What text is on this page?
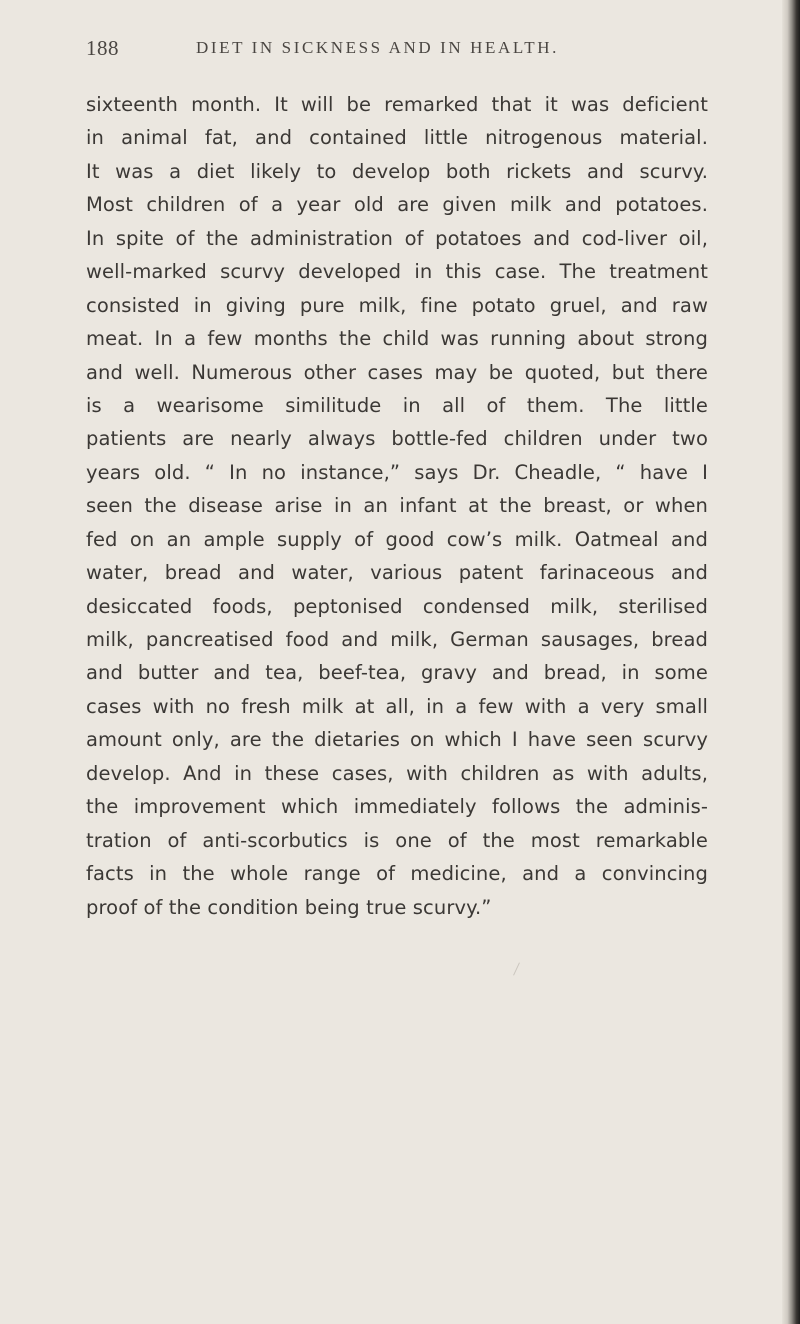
188	DIET IN SICKNESS AND IN HEALTH.
sixteenth month. It will be remarked that it was deficient
in animal fat, and contained little nitrogenous material.
It was a diet likely to develop both rickets and scurvy.
Most children of a year old are given milk and potatoes.
In spite of the administration of potatoes and cod-liver oil,
well-marked scurvy developed in this case. The treatment
consisted in giving pure milk, fine potato gruel, and raw
meat. In a few months the child was running about strong
and well. Numerous other cases may be quoted, but there
is a wearisome similitude in all of them. The little
patients are nearly always bottle-fed children under two
years old. “ In no instance,” says Dr. Cheadle, “ have I
seen the disease arise in an infant at the breast, or when
fed on an ample supply of good cow’s milk. Oatmeal and
water, bread and water, various patent farinaceous and
desiccated foods, peptonised condensed milk, sterilised
milk, pancreatised food and milk, German sausages, bread
and butter and tea, beef-tea, gravy and bread, in some
cases with no fresh milk at all, in a few with a very small
amount only, are the dietaries on which I have seen scurvy
develop. And in these cases, with children as with adults,
the improvement which immediately follows the adminis-
tration of anti-scorbutics is one of the most remarkable
facts in the whole range of medicine, and a convincing
proof of the condition being true scurvy.”
